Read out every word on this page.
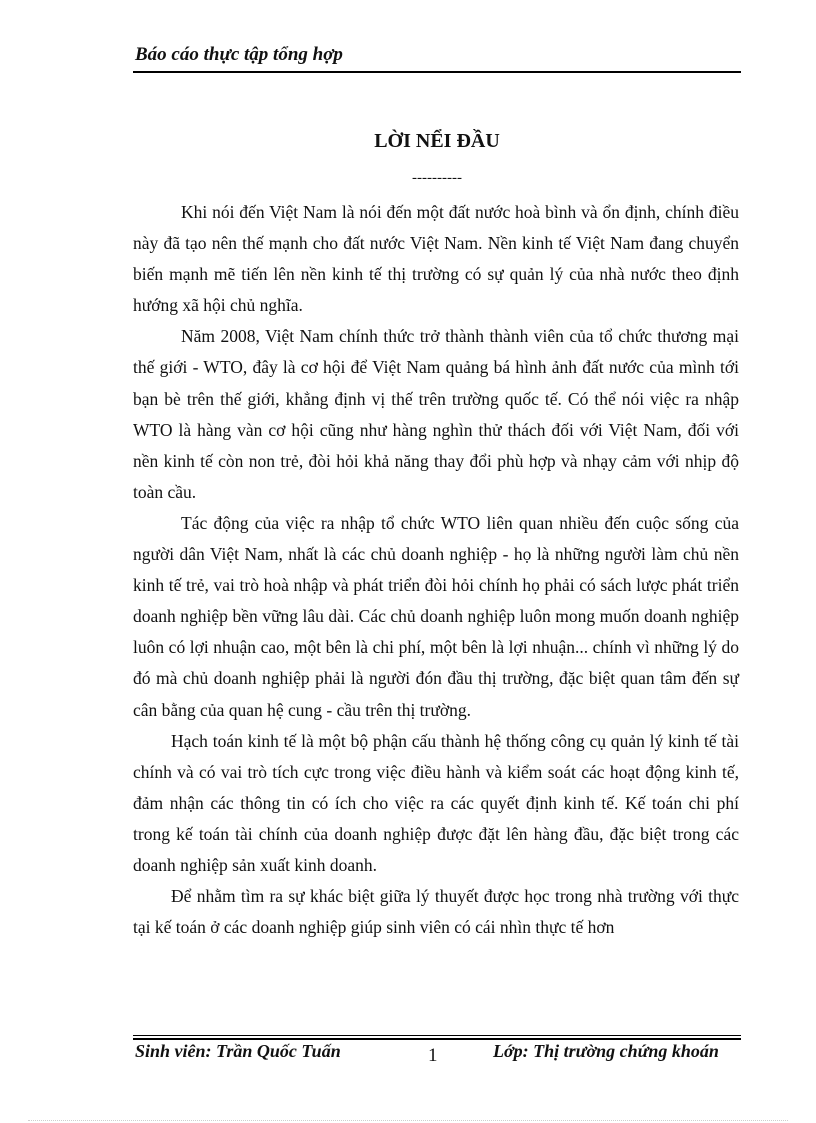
Báo cáo thực tập tổng hợp
LỜI NỂI ĐẦU
----------

Khi nói đến Việt Nam là nói đến một đất nước hoà bình và ổn định, chính điều này đã tạo nên thế mạnh cho đất nước Việt Nam. Nền kinh tế Việt Nam đang chuyển biến mạnh mẽ tiến lên nền kinh tế thị trường có sự quản lý của nhà nước theo định hướng xã hội chủ nghĩa.

Năm 2008, Việt Nam chính thức trở thành thành viên của tổ chức thương mại thế giới - WTO, đây là cơ hội để Việt Nam quảng bá hình ảnh đất nước của mình tới bạn bè trên thế giới, khẳng định vị thế trên trường quốc tế. Có thể nói việc ra nhập WTO là hàng vàn cơ hội cũng như hàng nghìn thử thách đối với Việt Nam, đối với nền kinh tế còn non trẻ, đòi hỏi khả năng thay đổi phù hợp và nhạy cảm với nhịp độ toàn cầu.

Tác động của việc ra nhập tổ chức WTO liên quan nhiều đến cuộc sống của người dân Việt Nam, nhất là các chủ doanh nghiệp - họ là những người làm chủ nền kinh tế trẻ, vai trò hoà nhập và phát triển đòi hỏi chính họ phải có sách lược phát triển doanh nghiệp bền vững lâu dài. Các chủ doanh nghiệp luôn mong muốn doanh nghiệp luôn có lợi nhuận cao, một bên là chi phí, một bên là lợi nhuận... chính vì những lý do đó mà chủ doanh nghiệp phải là người đón đầu thị trường, đặc biệt quan tâm đến sự cân bằng của quan hệ cung - cầu trên thị trường.

Hạch toán kinh tế là một bộ phận cấu thành hệ thống công cụ quản lý kinh tế tài chính và có vai trò tích cực trong việc điều hành và kiểm soát các hoạt động kinh tế, đảm nhận các thông tin có ích cho việc ra các quyết định kinh tế. Kế toán chi phí trong kế toán tài chính của doanh nghiệp được đặt lên hàng đầu, đặc biệt trong các doanh nghiệp sản xuất kinh doanh.

Để nhằm tìm ra sự khác biệt giữa lý thuyết được học trong nhà trường với thực tại kế toán ở các doanh nghiệp giúp sinh viên có cái nhìn thực tế hơn

Sinh viên: Trần Quốc Tuấn	1	Lớp: Thị trường chứng khoán
